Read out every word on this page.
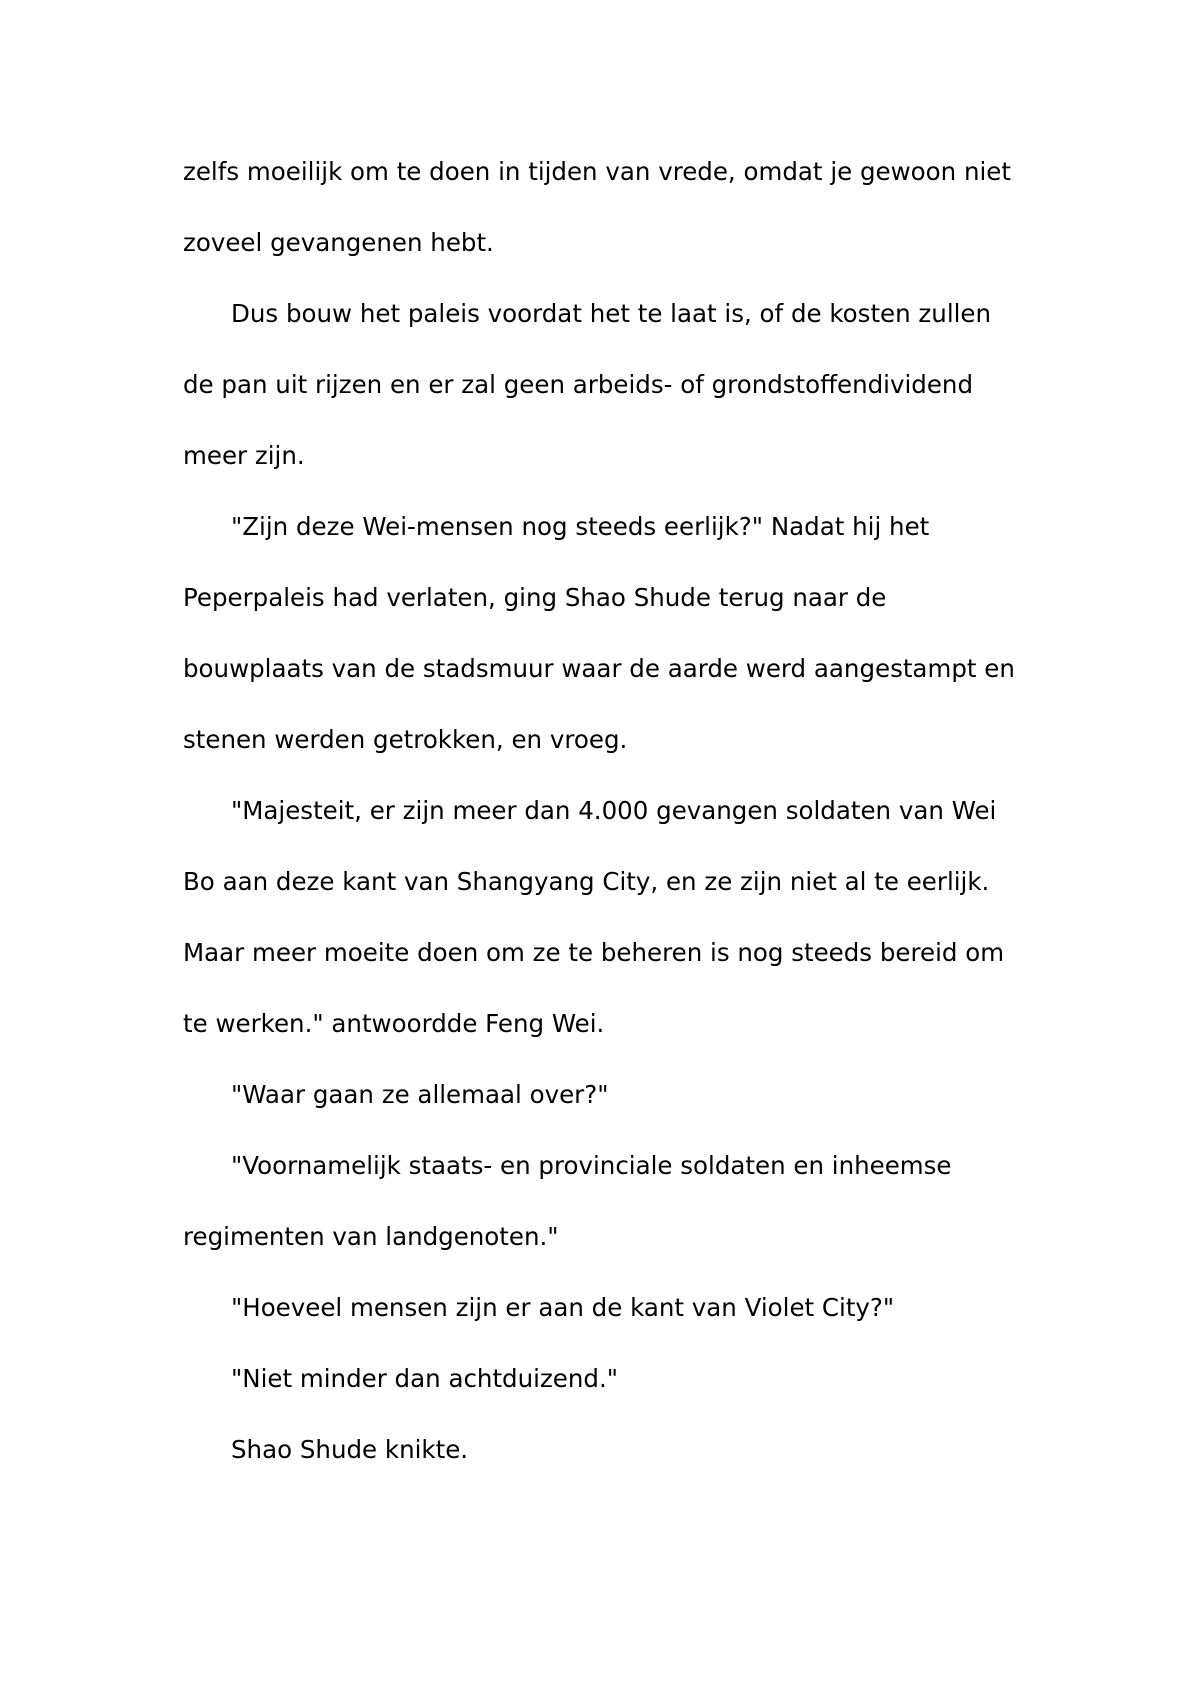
zelfs moeilijk om te doen in tijden van vrede, omdat je gewoon niet
zoveel gevangenen hebt.
Dus bouw het paleis voordat het te laat is, of de kosten zullen
de pan uit rijzen en er zal geen arbeids- of grondstoffendividend
meer zijn.
"Zijn deze Wei-mensen nog steeds eerlijk?" Nadat hij het
Peperpaleis had verlaten, ging Shao Shude terug naar de
bouwplaats van de stadsmuur waar de aarde werd aangestampt en
stenen werden getrokken, en vroeg.
"Majesteit, er zijn meer dan 4.000 gevangen soldaten van Wei
Bo aan deze kant van Shangyang City, en ze zijn niet al te eerlijk.
Maar meer moeite doen om ze te beheren is nog steeds bereid om
te werken." antwoordde Feng Wei.
"Waar gaan ze allemaal over?"
"Voornamelijk staats- en provinciale soldaten en inheemse
regimenten van landgenoten."
"Hoeveel mensen zijn er aan de kant van Violet City?"
"Niet minder dan achtduizend."
Shao Shude knikte.
